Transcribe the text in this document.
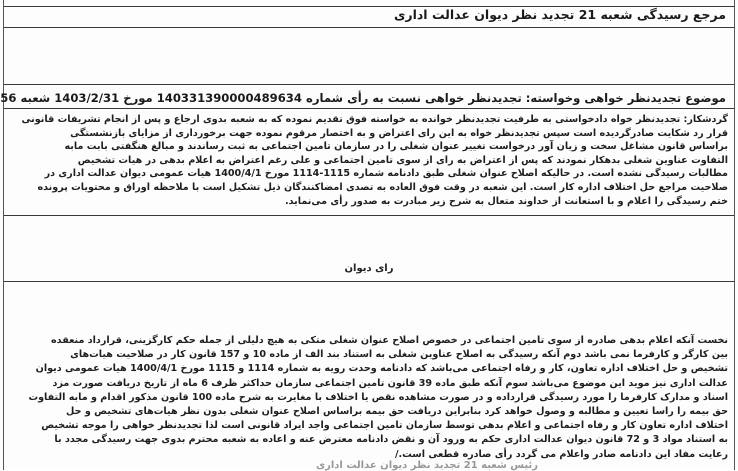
مرجع رسیدگی شعبه 21 تجدید نظر دیوان عدالت اداری
موضوع تجدیدنظر خواهی وخواسته: تجدیدنظر خواهی نسبت به رأی شماره 140331390000489634 مورخ 1403/2/31 شعبه 56

گردشکار: تجدیدنظر خواه دادخواستی به طرفیت تجدیدنظر خوانده به خواسته فوق تقدیم نموده که به شعبه بدوی ارجاع و پس از انجام تشریفات قانونی

قرار رد شکایت صادرگردیده است سپس تجدیدنظر خواه به این رای اعتراض و به اختصار مرقوم نموده جهت برخورداری از مزایای بازنشستگی

براساس قانون مشاغل سخت و زیان آور درخواست تغییر عنوان شغلی را در سازمان تامین اجتماعی به ثبت رساندند و مبالغ هنگفتی بابت مابه

التفاوت عناوین شغلی بدهکار نمودند که پس از اعتراض به رای از سوی تامین اجتماعی و علی رغم اعتراض به اعلام بدهی در هیات تشخیص

مطالبات رسیدگی نشده است. در حالیکه اصلاح عنوان شغلی طبق دادنامه شماره 1115-1114 مورخ 1400/4/1 هیات عمومی دیوان عدالت اداری در

صلاحیت مراجع حل اختلاف اداره کار است. این شعبه در وقت فوق العاده به تصدی امضاکنندگان ذیل تشکیل است با ملاحظه اوراق و محتویات پرونده

ختم رسیدگی را اعلام و با استعانت از خداوند متعال به شرح زیر مبادرت به صدور رأی می‌نماید.

رای دیوان

نخست آنکه اعلام بدهی صادره از سوی تامین اجتماعی در خصوص اصلاح عنوان شغلی متکی به هیچ دلیلی از جمله حکم کارگزینی، قرارداد منعقده

بین کارگر و کارفرما نمی باشد دوم آنکه رسیدگی به اصلاح عناوین شغلی به استناد بند الف از ماده 10 و 157 قانون کار در صلاحیت هیات‌های

تشخیص و حل اختلاف اداره تعاون، کار و رفاه اجتماعی می‌باشد که دادنامه وحدت رویه به شماره 1114 و 1115 مورخ 1400/4/1 هیات عمومی دیوان

عدالت اداری نیز موید این موضوع می‌باشد سوم آنکه طبق ماده 39 قانون تامین اجتماعی سازمان حداکثر ظرف 6 ماه از تاریخ دریافت صورت مزد

اسناد و مدارک کارفرما را مورد رسیدگی قرارداده و در صورت مشاهده نقص یا اختلاف با مغایرت به شرح ماده 100 قانون مذکور اقدام و مابه التفاوت

حق بیمه را راسا تعیین و مطالبه و وصول خواهد کرد بنابراین دریافت حق بیمه براساس اصلاح عنوان شغلی بدون نظر هیات‌های تشخیص و حل

اختلاف اداره تعاون کار و رفاه اجتماعی و اعلام بدهی توسط سازمان تامین اجتماعی واجد ایراد قانونی است لذا تجدیدنظر خواهی را موجه تشخیص

به استناد مواد 3 و 72 قانون دیوان عدالت اداری حکم به ورود آن و نقض دادنامه معترض عنه و اعاده به شعبه محترم بدوی جهت رسیدگی مجدد با

رعایت مفاد این دادنامه صادر واعلام می گردد رأی صادره قطعی است./

رئیس شعبه 21 تجدید نظر دیوان عدالت اداری
